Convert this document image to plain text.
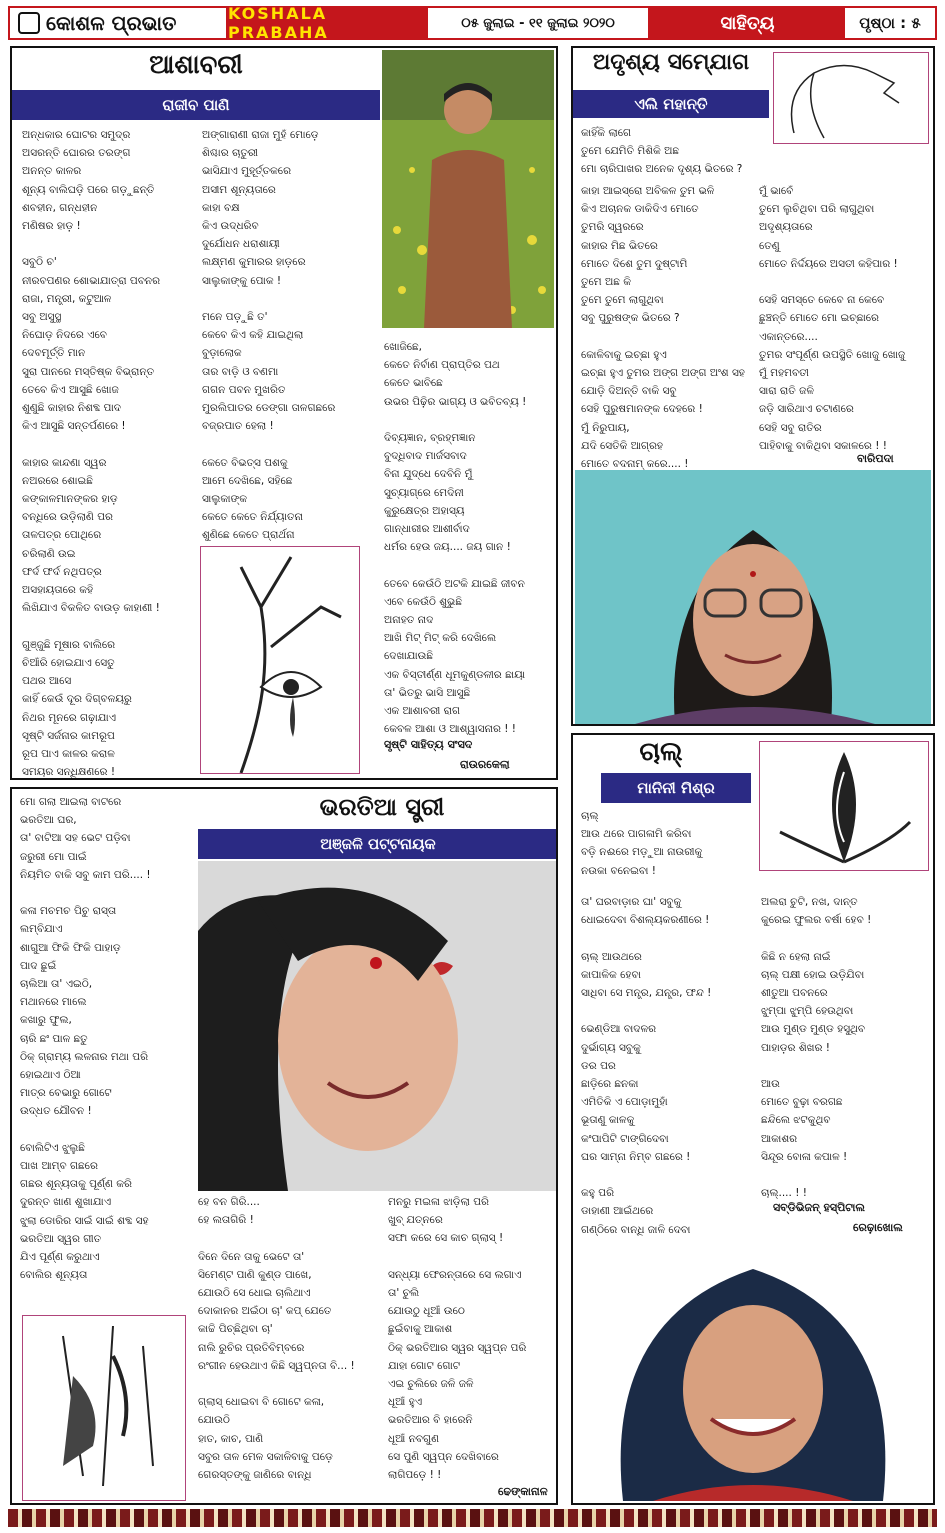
କୋଶଳ ପ୍ରଭାତ	KOSHALA PRABAHA	୦୫ ଜୁଲାଇ - ୧୧ ଜୁଲାଇ ୨୦୨୦	ସାହିତ୍ୟ	ପୃଷ୍ଠା : ୫
ଆଶାବରୀ
ରାଜୀବ ପାଣି
ଅନ୍ଧକାର ଘୋଟର ସମୁଦ୍ର
ଅସରନ୍ତି ଘୋରର ତରଙ୍ଗ
ଅନନ୍ତ କାଳର
ଶୂନ୍ୟ ବାଲିଘଡ଼ି ପରେ ଗଡ଼ୁଛନ୍ତି
ଶବହୀନ, ଗନ୍ଧହୀନ
ମଣିଷର ହାଡ଼ !

ସବୁଠି ଚ'
ନୀରବପଣର ଶୋଭାଯାତ୍ରା ପବନର
ରାଜା, ମନ୍ତ୍ରୀ, କଟୁଆଳ
ସବୁ ଅସୁସ୍ଥ
ନିଘୋଡ଼ ନିଦରେ ଏବେ
ଦେବମୂର୍ତ୍ତି ମାନ
ସୁରା ପାନରେ ମସ୍ତିଷ୍କ ବିଭ୍ରାନ୍ତ
ତେବେ କିଏ ଆସୁଛି ଖୋଜ
ଶୁଣୁଛି କାହାର ନିଶବ୍ଦ ପାଦ
କିଏ ଆସୁଛି ସନ୍ତର୍ପଣରେ !

କାହାର କାନ୍ଦଣା ସ୍ୱର
ନଅରରେ ଶୋଇଛି
କଙ୍କାଳମାନଙ୍କର ହାଡ଼
ବନ୍ଧିରେ ଉଡ଼ିଲାଣି ପର
ତାଳପତ୍ର ପୋଥିରେ
ଚରିଲାଣି ଉଇ
ଫର୍ଦ ଫର୍ଦ ନଥିପତ୍ର
ଅସହାୟତାରେ କହି
ଲିଖିଯାଏ ବିକଳିତ ବାଉଡ଼ କାହାଣୀ !

ଗୁଞ୍ଜୁଛି ମୂଷାର ବାଲିରେ
ଚିଆଁରି ହୋଇଯାଏ ସେତୁ
ପଥର ଆସେ
କାହିଁ କେଉଁ ଦୂର ଦିଗ୍‌ବଳୟରୁ
ନିଥର ମୂନରେ ଗଢ଼ାଯାଏ
ସୃଷ୍ଟି ସର୍ଜନାର କାମରୂପ
ରୂପ ପାଏ କାଳର କରାଳ
ସମୟର ସନ୍ଧିକ୍ଷଣରେ !
ଅଙ୍ଗାରାଣୀ ରାଜା ମୁହଁ ମୋଡ଼େ
ଶିଶ୍ଚାର ଚାତୁରୀ
ଭାସିଯାଏ ମୁହୂର୍ତ୍ତକରେ
ଅସୀମ ଶୂନ୍ୟତାରେ
କାହା ବକ୍ଷ
କିଏ ଉଦ୍ଧରିବ
ଦୁର୍ଯୋଧନ ଧରାଶାୟୀ
ଲକ୍ଷ୍ମଣ କୁମାରର ହାଡ଼ରେ
ସାଲୁକାଙ୍କୁ ପୋକ !

ମନେ ପଡ଼ୁଛି ତ'
କେବେ କିଏ କହି ଯାଇଥିଲା
ବୁଡ଼ାଲୋକ
ତାର ବାଡ଼ି ଓ ବଣମା
ଗଗନ ପବନ ମୁଖରିତ
ମୁରଲିପାତର ଡେଙ୍ଗା ତାଳଗଛରେ
ବଜ୍ରପାତ ହେଲା !

କେତେ ବିଭତ୍ସ ପଶକୁ
ଆମେ ଦେଖିଛେ, ସହିଛେ
ସାଲୁକାଙ୍କ
କେତେ କେତେ ନିର୍ଯ୍ୟାତନା
ଶୁଣିଛେ କେତେ ପ୍ରାର୍ଥନା
ଖୋଜିଛେ,
କେତେ ନିର୍ବାଣ ପ୍ରାପ୍ତିର ପଥ
କେତେ ଭାବିଛେ
ଉଭର ପିଢ଼ିର ଭାଗ୍ୟ ଓ ଭବିତବ୍ୟ !

ଦିବ୍ୟଜ୍ଞାନ, ବ୍ରହ୍ମଜ୍ଞାନ
ବୁଦ୍ଧିବାଦ ମାର୍ଜସବାଦ
ବିନା ଯୁଦ୍ଧେ ଦେବିନି ମୁଁ
ସୁଚ୍ୟାଗ୍ରେ ମେଦିନୀ
କୁରୁକ୍ଷେତ୍ର ଅହାସ୍ୟ
ଗାନ୍ଧାରୀର ଆଶୀର୍ବାଦ
ଧର୍ମର ହେଉ ଜୟ.... ଜୟ ଗାନ !

ତେବେ କେଉଁଠି ଅଟକି ଯାଇଛି ଜୀବନ
ଏବେ କେଉଁଠି ଶୁଭୁଛି
ଅନାହତ ନାଦ
ଆଖି ମିଟ୍ ମିଟ୍ କରି ଦେଖିଲେ
ଦେଖାଯାଉଛି
ଏକ ବିସ୍ତୀର୍ଣ୍ଣ ଧୂମକୁଣ୍ଡଳୀର ଛାୟା
ତା' ଭିତରୁ ଭାସି ଆସୁଛି
ଏକ ଆଶାବରୀ ରାଗ
କେବଳ ଆଶା ଓ ଆଶ୍ୱାସନାର ! !
ସୃଷ୍ଟି ସାହିତ୍ୟ ସଂସଦ
ରାଉରକେଲା
ଅଦୃଶ୍ୟ ସମ୍ଯୋଗ
ଏଲି ମହାନ୍ତି
କାହିଁକି ଲାଗେ
ତୁମେ ଯେମିତି ମିଶିକି ଅଛ
ମୋ ଚାରିପାଖର ଅନେକ ଦୃଶ୍ୟ ଭିତରେ ?
କାହା ଆଇସ୍ରୋ ଅବିକଳ ତୁମ ଭଳି
କିଏ ଅଚାନକ ଡାକିଦିଏ ମୋତେ
ତୁମରି ସ୍ୱରରେ
କାହାର ମିଛ ଭିତରେ
ମୋତେ ଦିଶେ ତୁମ ଦୁଷ୍ଟାମି
ତୁମେ ଅଛ କି
ତୁମେ ତୁମେ ଲାଗୁଥିବା
ସବୁ ପୁରୁଷଙ୍କ ଭିତରେ ?

କୋଳିବାକୁ ଇଚ୍ଛା ହୁଏ
ଇଚ୍ଛା ହୁଏ ତୁମର ଅଙ୍ଗ ଅଙ୍ଗ ଅଂଶ ସହ
ଯୋଡ଼ି ଦିଅନ୍ତି ବାକି ସବୁ
ସେହି ପୁରୁଷମାନଙ୍କ ଦେହରେ !
ମୁଁ ନିରୁପାୟ,
ଯଦି ସେତିକି ଆଗ୍ରହ
ମୋତେ ବଦନାମ୍ କରେ.... !
ମୁଁ ଭାବେଁ
ତୁମେ ଲୁଚିଥିବା ପରି ଲାଗୁଥିବା
ଅଦୃଶ୍ୟତାରେ
ତେଣୁ
ମୋତେ ନିର୍ଦ୍ଦୟରେ ଅସତୀ କହିପାର !

ସେହି ସମସ୍ତେ କେବେ ନା କେବେ
ଛୁଞ୍ଚନ୍ତି ମୋତେ ମୋ ଇଚ୍ଛାରେ
ଏକାନ୍ତରେ....
ତୁମର ସଂପୂର୍ଣ୍ଣ ଉପସ୍ଥିତି ଖୋଜୁ ଖୋଜୁ
ମୁଁ ମହମବତୀ
ସାରା ରାତି ଜଳି
ଜଡ଼ି ସାରିଥାଏ ଚଟାଣରେ
ସେହି ସବୁ ରାତିର
ପାହିବାକୁ ବାକିଥିବା ସକାଳରେ ! !
ବାରିପଦା
ମୋ ଗଲା ଆଇଲା ବାଟରେ
ଭରତିଆ ଘର,
ତା' ବାଟିଆ ସହ ଭେଟ ପଡ଼ିବା
ଜରୁରୀ ମୋ ପାଇଁ
ନିୟମିତ ବାକି ସବୁ କାମ ପରି.... !

କଳା ମଚମଚ ପିଚୁ ରାସ୍ତା
ଲମ୍ବିଯାଏ
ଶାଗୁଆ ଫିକି ଫିକି ପାହାଡ଼
ପାଦ ଛୁଇଁ
ଚାଲିଆ ତା' ଏଇଠି,
ମଥାନରେ ମାଲେ
କଖାରୁ ଫୁଲ,
ଚାରି ଛଂ ପାଳ ଛତୁ
ଠିକ୍ ଗ୍ରାମ୍ୟ ଲଳନାର ମଥା ପରି
ହୋଇଥାଏ ଠିଆ
ମାତ୍ର ବେଭାରୁ ଗୋଟେ
ଉଦ୍ଧତ ଯୌବନ !

ବୋଲିଟିଏ ଝୁଲୁଛି
ପାଖ ଆମ୍ବ ଗଛରେ
ଗଛର ଶୂନ୍ୟତାକୁ ପୂର୍ଣ୍ଣ କରି
ଦୁରନ୍ତ ଖାଣ ଶୁଖାଯାଏ
ଝୁଲା ଡୋରିର ସାଇଁ ସାଇଁ ଶବ୍ଦ ସହ
ଭରତିଆ ସ୍ୱର ଗୀତ
ଯିଏ ପୂର୍ଣ୍ଣ କରୁଥାଏ
ବୋଲିର ଶୂନ୍ୟତା
ଭରତିଆ ସ୍ତ୍ରୀ
ଅଞ୍ଜଳି ପଟ୍ଟନାୟକ
ହେ ବନ ଗିରି....
ହେ ଲତାଗିରି !

ଦିନେ ଦିନେ ତାକୁ ଭେଟେ ତା'
ସିମେଣ୍ଟ ପାଣି କୁଣ୍ଡ ପାଖେ,
ଯୋଉଠି ସେ ଧୋଇ ଚାଲିଥାଏ
ଦୋକାନର ଅଇଁଠା ଚା' କପ୍ ଯେତେ
କାଚ୍ଚି ପିଚ୍ଛିଥିବା ଚା'
ନାଲି ରୁଚିର ପ୍ରତିବିମ୍ବରେ
ରଂଗୀନ ହେଉଥାଏ କିଛି ସ୍ୱପ୍ନତା ବି... !

ଗ୍ଲାସ୍ ଧୋଇବା ବି ଗୋଟେ କଳା,
ଯୋଉଠି
ହାତ, କାଚ, ପାଣି
ସବୁର ତାଳ ମେଳ ସକାଳିବାକୁ ପଡ଼େ
ଗେରସ୍ତଙ୍କୁ ଜାଣିରେ ବାନ୍ଧି
ମନରୁ ମଇଳା ଝାଡ଼ିଲା ପରି
ଖୁବ୍ ଯତ୍ନରେ
ସଫା କରେ ସେ କାଚ ଗ୍ଲାସ୍ !

ସନ୍ଧ୍ୟା ଫେରନ୍ତାରେ ସେ ଲଗାଏ
ତା' ଚୁଲି
ଯୋଉଠୁ ଧୂଆଁ ଉଠେ
ଛୁଇଁବାକୁ ଆକାଶ
ଠିକ୍ ଭରତିଆର ସ୍ୱର ସ୍ୱପ୍ନ ପରି
ଯାହା ଗୋଟ ଗୋଟ
ଏଇ ଚୁଲିରେ ଜଳି ଜଳି
ଧୂଆଁ ହୁଏ
ଭରତିଆର ବି ହାରେନି
ଧୂଆଁ ନବଗୁଣ
ସେ ପୁଣି ସ୍ୱପ୍ନ ଦେଖିବାରେ
ଲାଗିପଡ଼େ ! !
ଢେଙ୍କାନାଳ
ଚାଲ୍
ମାନିନୀ ମିଶ୍ର
ଚାଲ୍
ଆଉ ଥରେ ପାଗଳାମି କରିବା
ବଡ଼ି ନଈରେ ମଡ଼ୁଆ ନାଉରୀକୁ
ନଉକା ବନେଇବା !
ତା' ଘରବାଡ଼ାର ଘା' ସବୁକୁ
ଧୋଇଦେବା ବିଶଲ୍ୟକରଣୀରେ !

ଚାଲ୍ ଆଉଥରେ
କାପାଳିକ ହେବା
ସାଧିବା ସେ ମନ୍ତ୍ର, ଯନ୍ତ୍ର, ଫନ୍ଦ !

ଭେଣ୍ଡିଆ ବାଦଳର
ଦୁର୍ଭାଗ୍ୟ ସବୁକୁ
ଡର ପର
ଛାଡ଼ିରେ ଛନକା
ଏମିତିକି ଏ ପୋଡ଼ାମୁହାଁ
ଭୂତାଣୁ କାଳକୁ
କଂପାପିଟି ଟାଙ୍ଗିଦେବା
ଘର ସାମ୍ନା ନିମ୍ବ ଗଛରେ !

କହୁ ପରି
ଡାହାଣୀ ଆଇଁଥରେ
ଗଣ୍ଠିରେ ବାନ୍ଧି ଜାଳି ଦେବା
ଅଲରା ଚୁଟି, ନଖ, ଦାନ୍ତ
କୁରେଇ ଫୁଲର ବର୍ଷା ହେବ !

କିଛି ନ ହେଲା ନାଇଁ
ଚାଲ୍ ପକ୍ଷୀ ହୋଇ ଉଡ଼ିଯିବା
ଶୀତୁଆ ପବନରେ
ଝୁମ୍ପା ଝୁମ୍ପି ହେଉଥିବା
ଆଉ ମୁଣ୍ଡ ମୁଣ୍ଡ ହସୁଥିବ
ପାହାଡ଼ର ଶିଖର !

ଆଉ
ମୋତେ ବୁଢ଼ା ବରଗଛ
ଛନ୍ଦିଲେ ଝଟକୁଥିବ
ଆକାଶର
ସିନ୍ଦୂର ବୋଳା କପାଳ !

ଚାଲ୍.... ! !
ସବ୍‌ଡିଭିଜନ୍ ହସ୍‌ପିଟାଲ
ରେଢ଼ାଖୋଲ
